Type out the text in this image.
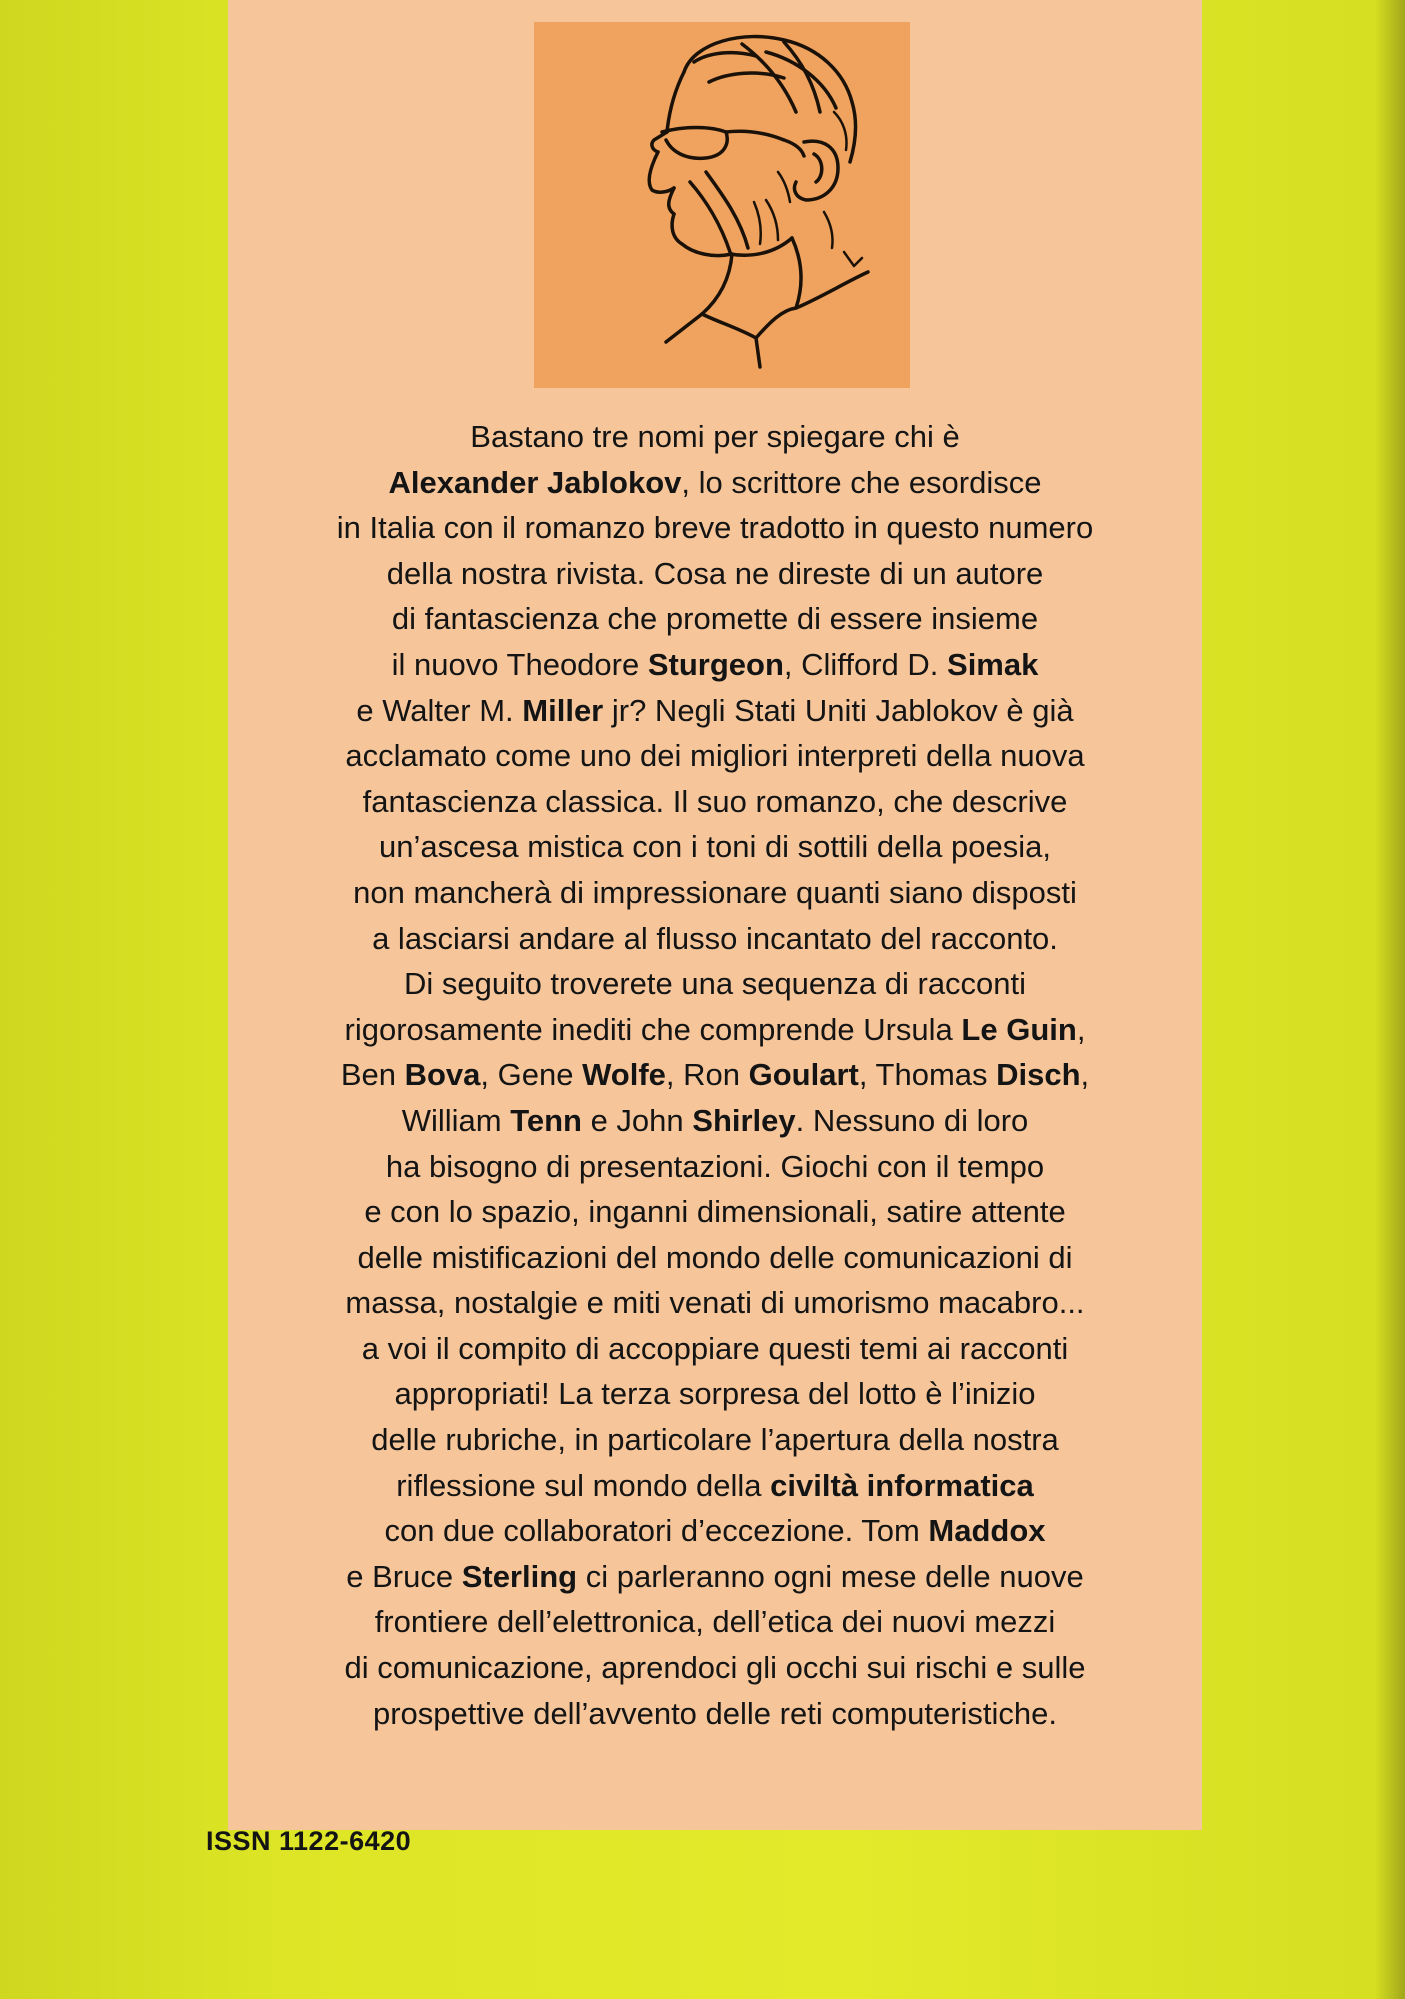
Bastano tre nomi per spiegare chi è
Alexander Jablokov, lo scrittore che esordisce
in Italia con il romanzo breve tradotto in questo numero
della nostra rivista. Cosa ne direste di un autore
di fantascienza che promette di essere insieme
il nuovo Theodore Sturgeon, Clifford D. Simak
e Walter M. Miller jr? Negli Stati Uniti Jablokov è già
acclamato come uno dei migliori interpreti della nuova
fantascienza classica. Il suo romanzo, che descrive
un’ascesa mistica con i toni di sottili della poesia,
non mancherà di impressionare quanti siano disposti
a lasciarsi andare al flusso incantato del racconto.
Di seguito troverete una sequenza di racconti
rigorosamente inediti che comprende Ursula Le Guin,
Ben Bova, Gene Wolfe, Ron Goulart, Thomas Disch,
William Tenn e John Shirley. Nessuno di loro
ha bisogno di presentazioni. Giochi con il tempo
e con lo spazio, inganni dimensionali, satire attente
delle mistificazioni del mondo delle comunicazioni di
massa, nostalgie e miti venati di umorismo macabro...
a voi il compito di accoppiare questi temi ai racconti
appropriati! La terza sorpresa del lotto è l’inizio
delle rubriche, in particolare l’apertura della nostra
riflessione sul mondo della civiltà informatica
con due collaboratori d’eccezione. Tom Maddox
e Bruce Sterling ci parleranno ogni mese delle nuove
frontiere dell’elettronica, dell’etica dei nuovi mezzi
di comunicazione, aprendoci gli occhi sui rischi e sulle
prospettive dell’avvento delle reti computeristiche.
ISSN 1122-6420
